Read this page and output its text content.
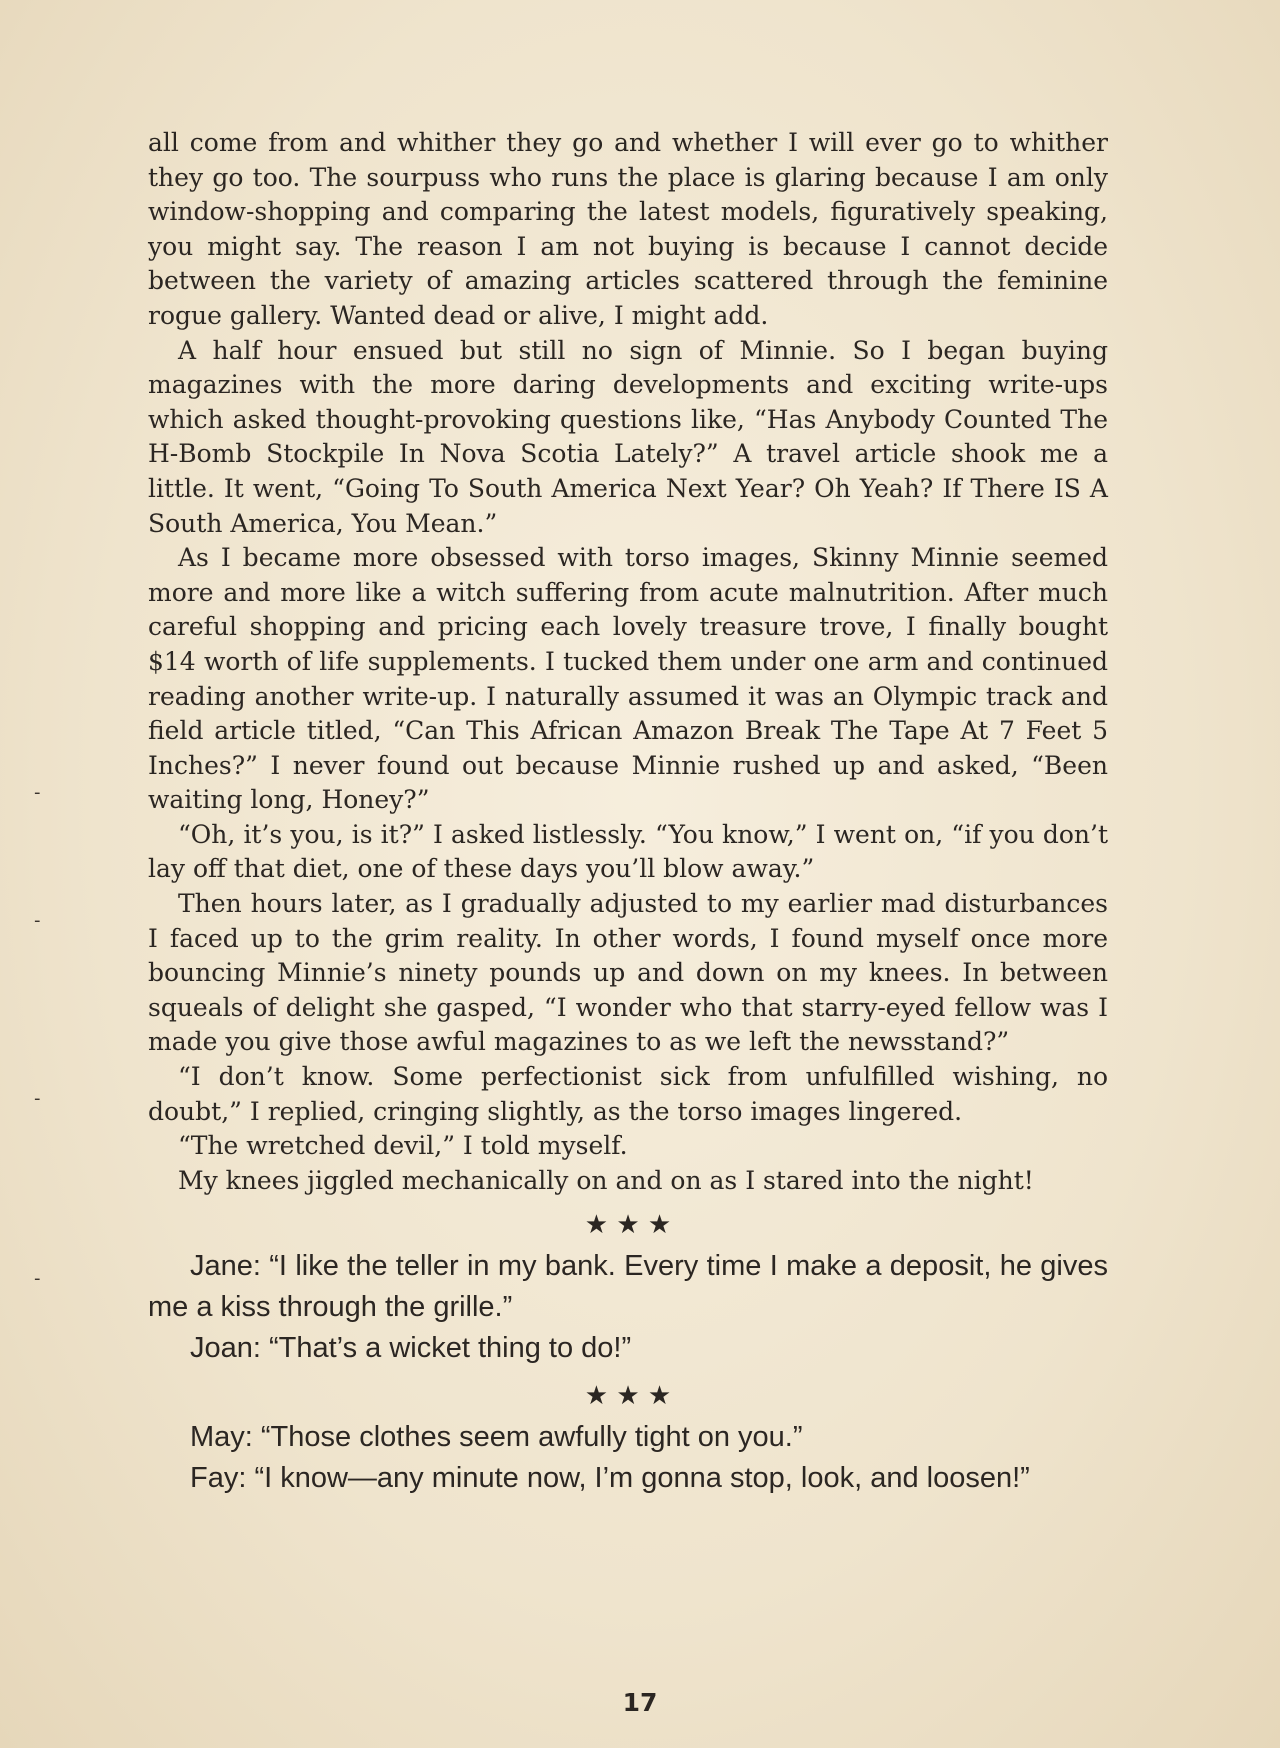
-
-
-
-

all come from and whither they go and whether I will ever go to whither they go too. The sourpuss who runs the place is glaring because I am only window-shopping and comparing the latest models, figuratively speaking, you might say. The reason I am not buying is because I cannot decide between the variety of amazing articles scattered through the feminine rogue gallery. Wanted dead or alive, I might add.

A half hour ensued but still no sign of Minnie. So I began buying magazines with the more daring developments and exciting write-ups which asked thought-provoking questions like, “Has Anybody Counted The H-Bomb Stockpile In Nova Scotia Lately?” A travel article shook me a little. It went, “Going To South America Next Year? Oh Yeah? If There IS A South America, You Mean.”

As I became more obsessed with torso images, Skinny Minnie seemed more and more like a witch suffering from acute malnutrition. After much careful shopping and pricing each lovely treasure trove, I finally bought $14 worth of life supplements. I tucked them under one arm and continued reading another write-up. I naturally assumed it was an Olympic track and field article titled, “Can This African Amazon Break The Tape At 7 Feet 5 Inches?” I never found out because Minnie rushed up and asked, “Been waiting long, Honey?”

“Oh, it’s you, is it?” I asked listlessly. “You know,” I went on, “if you don’t lay off that diet, one of these days you’ll blow away.”

Then hours later, as I gradually adjusted to my earlier mad disturbances I faced up to the grim reality. In other words, I found myself once more bouncing Minnie’s ninety pounds up and down on my knees. In between squeals of delight she gasped, “I wonder who that starry-eyed fellow was I made you give those awful magazines to as we left the newsstand?”

“I don’t know. Some perfectionist sick from unfulfilled wishing, no doubt,” I replied, cringing slightly, as the torso images lingered.

“The wretched devil,” I told myself.

My knees jiggled mechanically on and on as I stared into the night!

★ ★ ★

Jane: “I like the teller in my bank. Every time I make a deposit, he gives me a kiss through the grille.”

Joan: “That’s a wicket thing to do!”

★ ★ ★

May: “Those clothes seem awfully tight on you.”

Fay: “I know—any minute now, I’m gonna stop, look, and loosen!”

17
